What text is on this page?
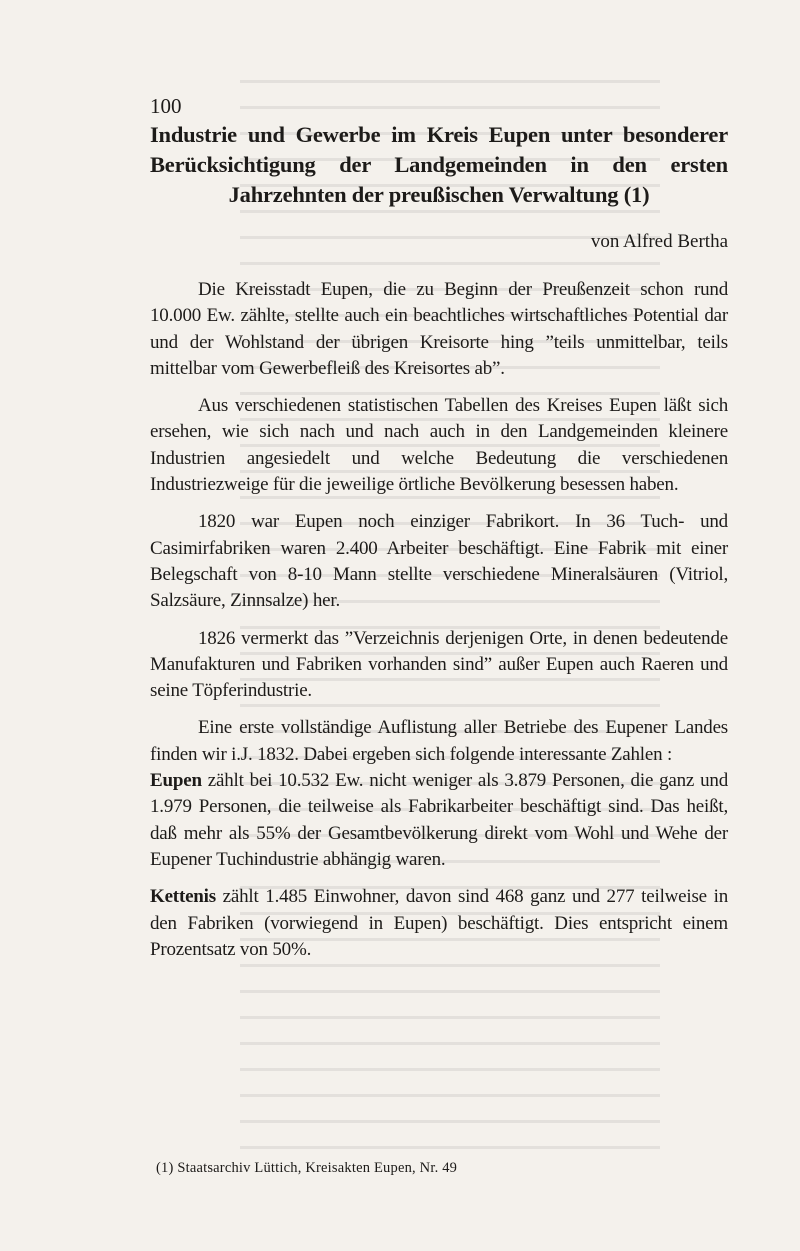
100

Industrie und Gewerbe im Kreis Eupen unter besonderer Berücksichtigung der Landgemeinden in den ersten Jahrzehnten der preußischen Verwaltung (1)

von Alfred Bertha

Die Kreisstadt Eupen, die zu Beginn der Preußenzeit schon rund 10.000 Ew. zählte, stellte auch ein beachtliches wirtschaftliches Potential dar und der Wohlstand der übrigen Kreisorte hing ”teils unmittelbar, teils mittelbar vom Gewerbefleiß des Kreisortes ab”.

Aus verschiedenen statistischen Tabellen des Kreises Eupen läßt sich ersehen, wie sich nach und nach auch in den Landgemeinden kleinere Industrien angesiedelt und welche Bedeutung die verschiedenen Industriezweige für die jeweilige örtliche Bevölkerung besessen haben.

1820 war Eupen noch einziger Fabrikort. In 36 Tuch- und Casimirfabriken waren 2.400 Arbeiter beschäftigt. Eine Fabrik mit einer Belegschaft von 8-10 Mann stellte verschiedene Mineralsäuren (Vitriol, Salzsäure, Zinnsalze) her.

1826 vermerkt das ”Verzeichnis derjenigen Orte, in denen bedeutende Manufakturen und Fabriken vorhanden sind” außer Eupen auch Raeren und seine Töpferindustrie.

Eine erste vollständige Auflistung aller Betriebe des Eupener Landes finden wir i.J. 1832. Dabei ergeben sich folgende interessante Zahlen :

Eupen zählt bei 10.532 Ew. nicht weniger als 3.879 Personen, die ganz und 1.979 Personen, die teilweise als Fabrikarbeiter beschäftigt sind. Das heißt, daß mehr als 55% der Gesamtbevölkerung direkt vom Wohl und Wehe der Eupener Tuchindustrie abhängig waren.

Kettenis zählt 1.485 Einwohner, davon sind 468 ganz und 277 teilweise in den Fabriken (vorwiegend in Eupen) beschäftigt. Dies entspricht einem Prozentsatz von 50%.

(1) Staatsarchiv Lüttich, Kreisakten Eupen, Nr. 49
